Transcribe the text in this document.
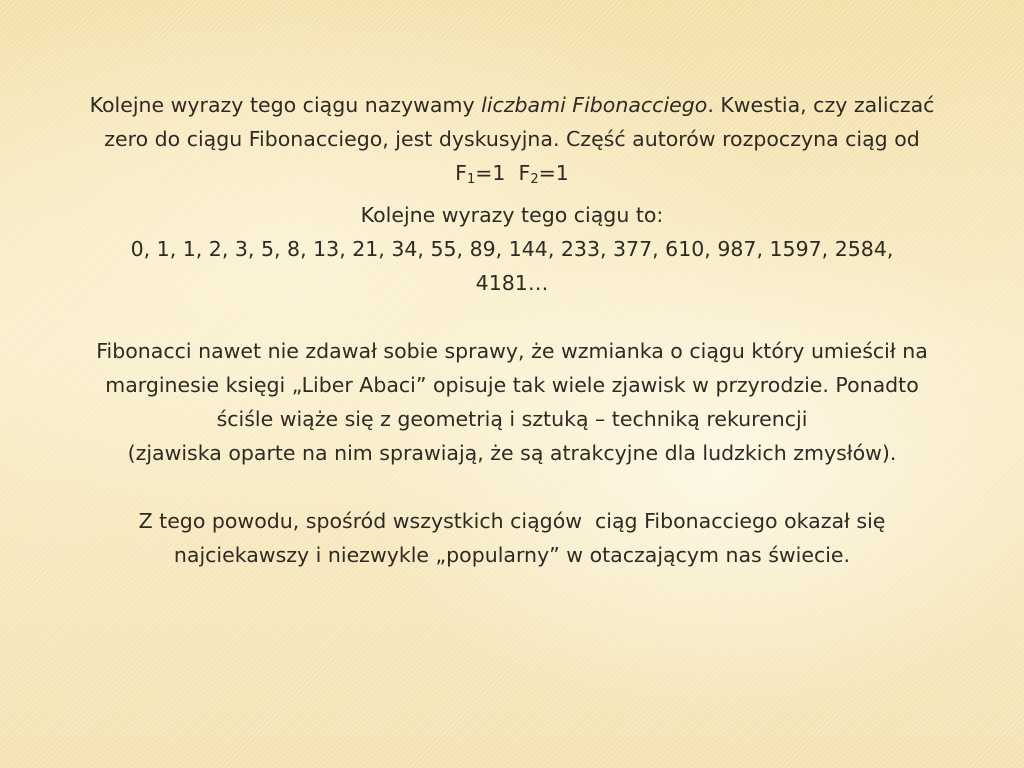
Kolejne wyrazy tego ciągu nazywamy liczbami Fibonacciego. Kwestia, czy zaliczać
zero do ciągu Fibonacciego, jest dyskusyjna. Część autorów rozpoczyna ciąg od
$F_1=1$  $F_2=1$

Kolejne wyrazy tego ciągu to:
0, 1, 1, 2, 3, 5, 8, 13, 21, 34, 55, 89, 144, 233, 377, 610, 987, 1597, 2584,
4181…

Fibonacci nawet nie zdawał sobie sprawy, że wzmianka o ciągu który umieścił na
marginesie księgi „Liber Abaci” opisuje tak wiele zjawisk w przyrodzie. Ponadto
ściśle wiąże się z geometrią i sztuką – techniką rekurencji
(zjawiska oparte na nim sprawiają, że są atrakcyjne dla ludzkich zmysłów).

Z tego powodu, spośród wszystkich ciągów  ciąg Fibonacciego okazał się
najciekawszy i niezwykle „popularny” w otaczającym nas świecie.
